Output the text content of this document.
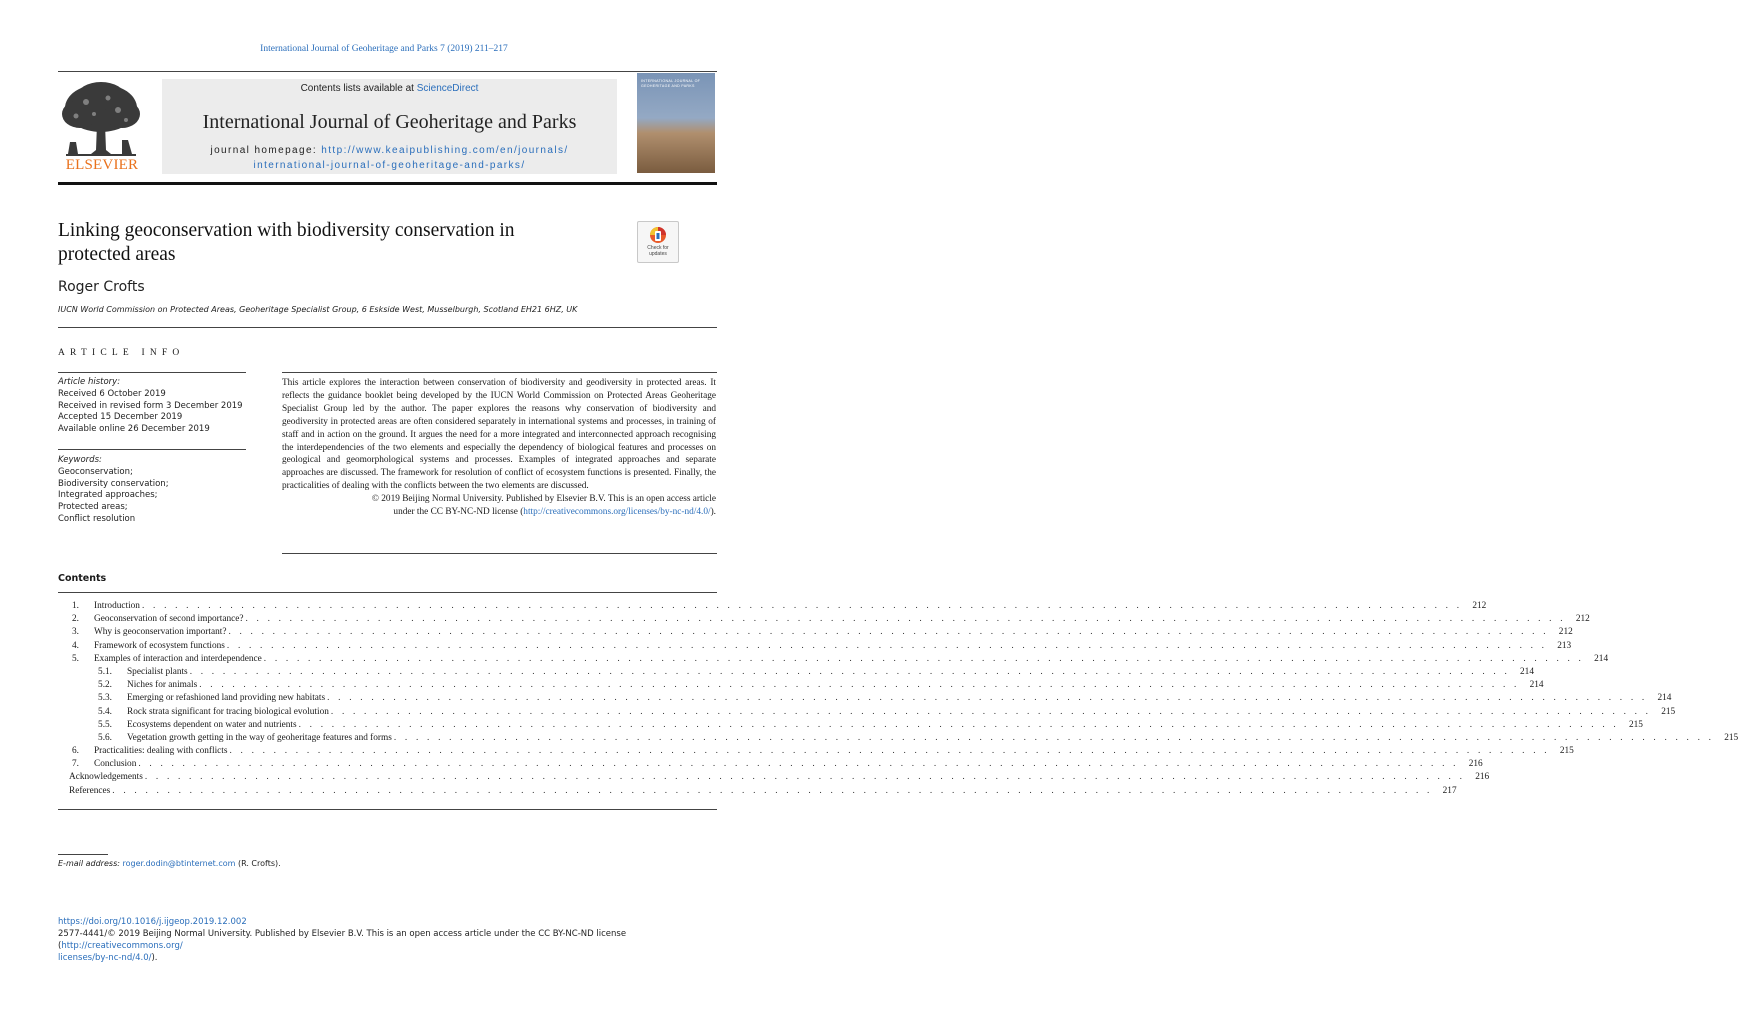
International Journal of Geoheritage and Parks 7 (2019) 211–217
ELSEVIER
Contents lists available at ScienceDirect
International Journal of Geoheritage and Parks
journal homepage: http://www.keaipublishing.com/en/journals/
international-journal-of-geoheritage-and-parks/
INTERNATIONAL JOURNAL OF GEOHERITAGE AND PARKS
Linking geoconservation with biodiversity conservation in
protected areas	Check for
updates
Roger Crofts
IUCN World Commission on Protected Areas, Geoheritage Specialist Group, 6 Eskside West, Musselburgh, Scotland EH21 6HZ, UK
ARTICLE INFO
Article history:
Received 6 October 2019
Received in revised form 3 December 2019
Accepted 15 December 2019
Available online 26 December 2019
Keywords:
Geoconservation;
Biodiversity conservation;
Integrated approaches;
Protected areas;
Conflict resolution

This article explores the interaction between conservation of biodiversity and geodiversity in protected areas. It reflects the guidance booklet being developed by the IUCN World Commission on Protected Areas Geoheritage Specialist Group led by the author. The paper explores the reasons why conservation of biodiversity and geodiversity in protected areas are often considered separately in international systems and processes, in training of staff and in action on the ground. It argues the need for a more integrated and interconnected approach recognising the interdependencies of the two elements and especially the dependency of biological features and processes on geological and geomorphological systems and processes. Examples of integrated approaches and separate approaches are discussed. The framework for resolution of conflict of ecosystem functions is presented. Finally, the practicalities of dealing with the conflicts between the two elements are discussed.

© 2019 Beijing Normal University. Published by Elsevier B.V. This is an open access article
under the CC BY-NC-ND license (http://creativecommons.org/licenses/by-nc-nd/4.0/).
Contents
1.	Introduction . . . . . . . . . . . . . . . . . . . . . . . . . . . . . . . . . . . . . . . . . . . . . . . . . . . . . . . . . . . . . . . . . . . . . . . . . . . . . . . . . . . . . . . . . . . . . . . . . . . . . . . . . . . . . . . . . . . . . . . .	212
2.	Geoconservation of second importance? . . . . . . . . . . . . . . . . . . . . . . . . . . . . . . . . . . . . . . . . . . . . . . . . . . . . . . . . . . . . . . . . . . . . . . . . . . . . . . . . . . . . . . . . . . . . . . . . . . . . . . . . . . . . . . . . . . . . . . . .	212
3.	Why is geoconservation important? . . . . . . . . . . . . . . . . . . . . . . . . . . . . . . . . . . . . . . . . . . . . . . . . . . . . . . . . . . . . . . . . . . . . . . . . . . . . . . . . . . . . . . . . . . . . . . . . . . . . . . . . . . . . . . . . . . . . . . . .	212
4.	Framework of ecosystem functions . . . . . . . . . . . . . . . . . . . . . . . . . . . . . . . . . . . . . . . . . . . . . . . . . . . . . . . . . . . . . . . . . . . . . . . . . . . . . . . . . . . . . . . . . . . . . . . . . . . . . . . . . . . . . . . . . . . . . . . .	213
5.	Examples of interaction and interdependence . . . . . . . . . . . . . . . . . . . . . . . . . . . . . . . . . . . . . . . . . . . . . . . . . . . . . . . . . . . . . . . . . . . . . . . . . . . . . . . . . . . . . . . . . . . . . . . . . . . . . . . . . . . . . . . . . . . . . . . .	214
5.1.	Specialist plants . . . . . . . . . . . . . . . . . . . . . . . . . . . . . . . . . . . . . . . . . . . . . . . . . . . . . . . . . . . . . . . . . . . . . . . . . . . . . . . . . . . . . . . . . . . . . . . . . . . . . . . . . . . . . . . . . . . . . . . .	214
5.2.	Niches for animals . . . . . . . . . . . . . . . . . . . . . . . . . . . . . . . . . . . . . . . . . . . . . . . . . . . . . . . . . . . . . . . . . . . . . . . . . . . . . . . . . . . . . . . . . . . . . . . . . . . . . . . . . . . . . . . . . . . . . . . .	214
5.3.	Emerging or refashioned land providing new habitats . . . . . . . . . . . . . . . . . . . . . . . . . . . . . . . . . . . . . . . . . . . . . . . . . . . . . . . . . . . . . . . . . . . . . . . . . . . . . . . . . . . . . . . . . . . . . . . . . . . . . . . . . . . . . . . . . . . . . . . .	214
5.4.	Rock strata significant for tracing biological evolution . . . . . . . . . . . . . . . . . . . . . . . . . . . . . . . . . . . . . . . . . . . . . . . . . . . . . . . . . . . . . . . . . . . . . . . . . . . . . . . . . . . . . . . . . . . . . . . . . . . . . . . . . . . . . . . . . . . . . . . .	215
5.5.	Ecosystems dependent on water and nutrients . . . . . . . . . . . . . . . . . . . . . . . . . . . . . . . . . . . . . . . . . . . . . . . . . . . . . . . . . . . . . . . . . . . . . . . . . . . . . . . . . . . . . . . . . . . . . . . . . . . . . . . . . . . . . . . . . . . . . . . .	215
5.6.	Vegetation growth getting in the way of geoheritage features and forms . . . . . . . . . . . . . . . . . . . . . . . . . . . . . . . . . . . . . . . . . . . . . . . . . . . . . . . . . . . . . . . . . . . . . . . . . . . . . . . . . . . . . . . . . . . . . . . . . . . . . . . . . . . . . . . . . . . . . . . .	215
6.	Practicalities: dealing with conflicts . . . . . . . . . . . . . . . . . . . . . . . . . . . . . . . . . . . . . . . . . . . . . . . . . . . . . . . . . . . . . . . . . . . . . . . . . . . . . . . . . . . . . . . . . . . . . . . . . . . . . . . . . . . . . . . . . . . . . . . .	215
7.	Conclusion . . . . . . . . . . . . . . . . . . . . . . . . . . . . . . . . . . . . . . . . . . . . . . . . . . . . . . . . . . . . . . . . . . . . . . . . . . . . . . . . . . . . . . . . . . . . . . . . . . . . . . . . . . . . . . . . . . . . . . . .	216
Acknowledgements . . . . . . . . . . . . . . . . . . . . . . . . . . . . . . . . . . . . . . . . . . . . . . . . . . . . . . . . . . . . . . . . . . . . . . . . . . . . . . . . . . . . . . . . . . . . . . . . . . . . . . . . . . . . . . . . . . . . . . . .	216
References . . . . . . . . . . . . . . . . . . . . . . . . . . . . . . . . . . . . . . . . . . . . . . . . . . . . . . . . . . . . . . . . . . . . . . . . . . . . . . . . . . . . . . . . . . . . . . . . . . . . . . . . . . . . . . . . . . . . . . . .	217
E-mail address: roger.dodin@btinternet.com (R. Crofts).
https://doi.org/10.1016/j.ijgeop.2019.12.002
2577-4441/© 2019 Beijing Normal University. Published by Elsevier B.V. This is an open access article under the CC BY-NC-ND license (http://creativecommons.org/
licenses/by-nc-nd/4.0/).
